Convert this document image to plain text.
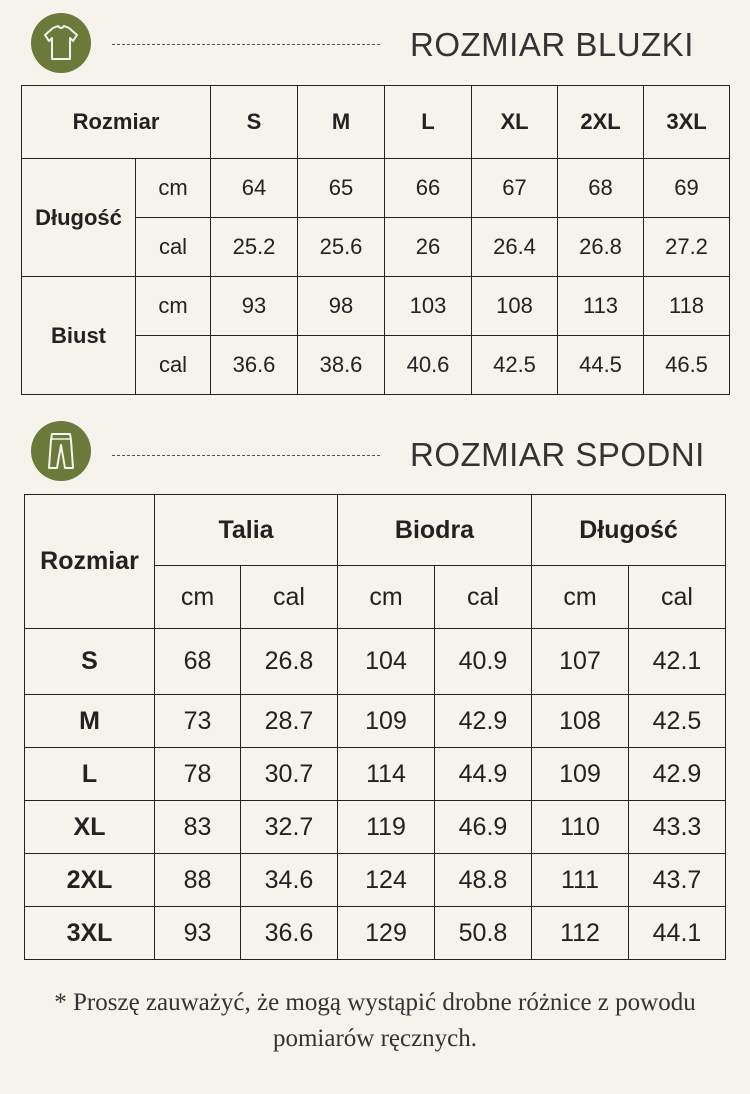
ROZMIAR BLUZKI
Rozmiar		S	M	L	XL	2XL	3XL
Długość	cm	64	65	66	67	68	69
	cal	25.2	25.6	26	26.4	26.8	27.2
Biust	cm	93	98	103	108	113	118
	cal	36.6	38.6	40.6	42.5	44.5	46.5
ROZMIAR SPODNI
Rozmiar	Talia		Biodra		Długość	
	cm	cal	cm	cal	cm	cal
S	68	26.8	104	40.9	107	42.1
M	73	28.7	109	42.9	108	42.5
L	78	30.7	114	44.9	109	42.9
XL	83	32.7	119	46.9	110	43.3
2XL	88	34.6	124	48.8	111	43.7
3XL	93	36.6	129	50.8	112	44.1
* Proszę zauważyć, że mogą wystąpić drobne różnice z powodu pomiarów ręcznych.
